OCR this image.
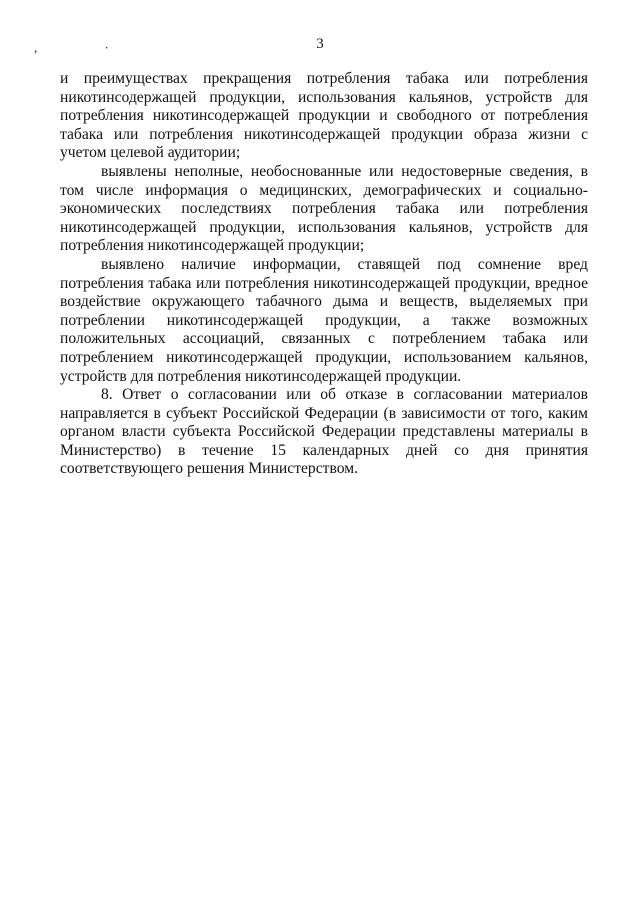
, ·	3

и преимуществах прекращения потребления табака или потребления никотинсодержащей продукции, использования кальянов, устройств для потребления никотинсодержащей продукции и свободного от потребления табака или потребления никотинсодержащей продукции образа жизни с учетом целевой аудитории;

выявлены неполные, необоснованные или недостоверные сведения, в том числе информация о медицинских, демографических и социально-экономических последствиях потребления табака или потребления никотинсодержащей продукции, использования кальянов, устройств для потребления никотинсодержащей продукции;

выявлено наличие информации, ставящей под сомнение вред потребления табака или потребления никотинсодержащей продукции, вредное воздействие окружающего табачного дыма и веществ, выделяемых при потреблении никотинсодержащей продукции, а также возможных положительных ассоциаций, связанных с потреблением табака или потреблением никотинсодержащей продукции, использованием кальянов, устройств для потребления никотинсодержащей продукции.

8. Ответ о согласовании или об отказе в согласовании материалов направляется в субъект Российской Федерации (в зависимости от того, каким органом власти субъекта Российской Федерации представлены материалы в Министерство) в течение 15 календарных дней со дня принятия соответствующего решения Министерством.
